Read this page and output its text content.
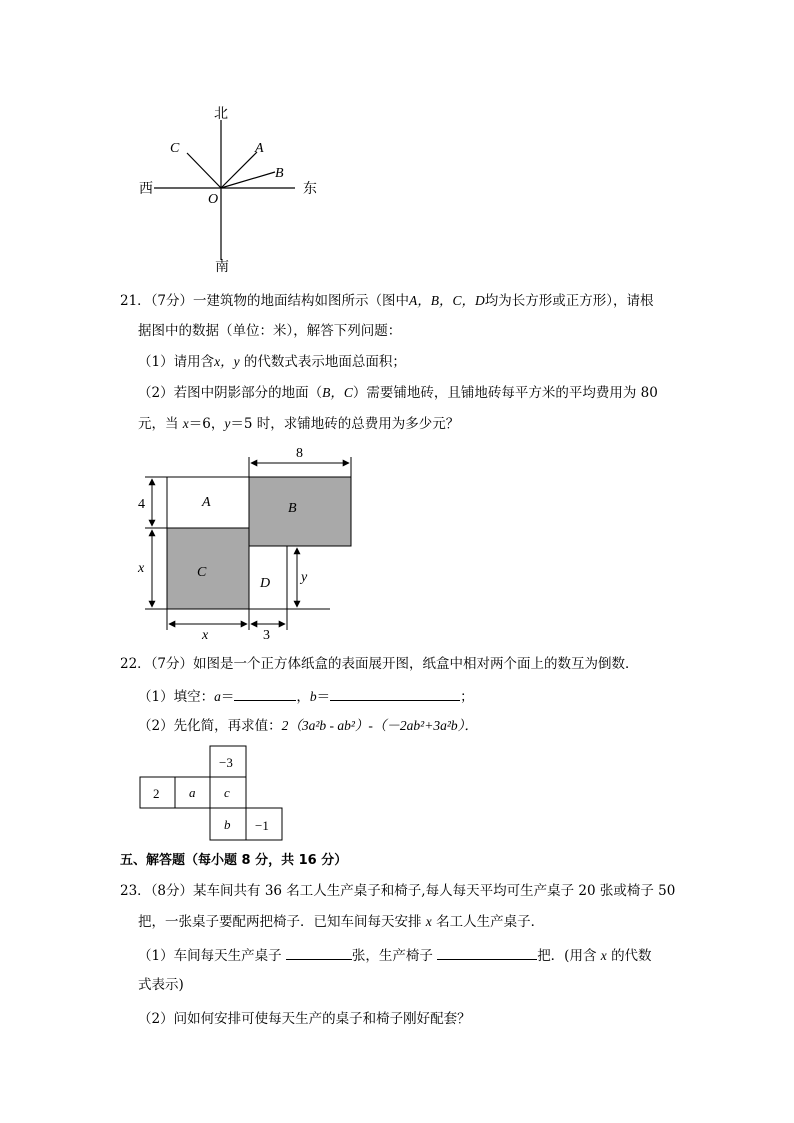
北
南
东
西
O
C	A
B
21．（7分）一建筑物的地面结构如图所示（图中A，B，C，D均为长方形或正方形），请根
据图中的数据（单位：米），解答下列问题：
（1）请用含x，y 的代数式表示地面总面积；
（2）若图中阴影部分的地面（B，C）需要铺地砖，且铺地砖每平方米的平均费用为 80
元，当 x＝6，y＝5 时，求铺地砖的总费用为多少元？
A	B
C
D
8
4
x
x	3
y
22．（7分）如图是一个正方体纸盒的表面展开图，纸盒中相对两个面上的数互为倒数．
（1）填空：a＝	，b＝	；
（2）先化简，再求值：2（3a²b - ab²）-（－2ab²+3a²b）．
−3
2 a c
b −1
五、解答题（每小题 8 分，共 16 分）
23．（8分）某车间共有 36 名工人生产桌子和椅子,每人每天平均可生产桌子 20 张或椅子 50
把，一张桌子要配两把椅子．已知车间每天安排 x 名工人生产桌子．
（1）车间每天生产桌子	张，生产椅子	把．(用含 x 的代数
式表示)
（2）问如何安排可使每天生产的桌子和椅子刚好配套？
